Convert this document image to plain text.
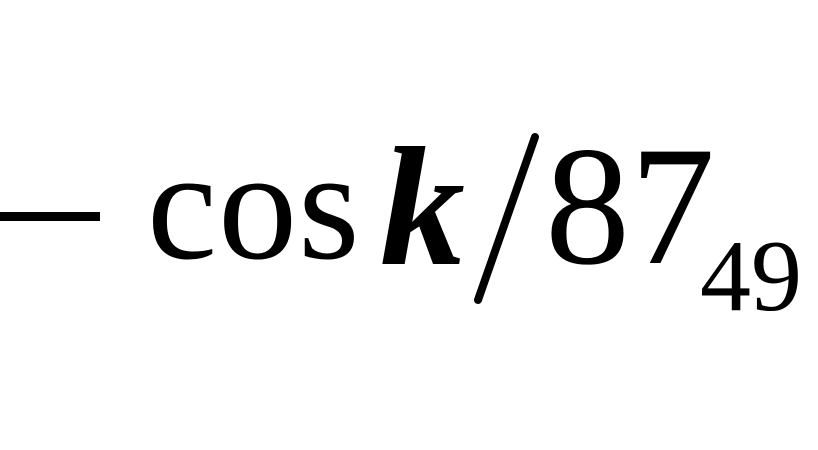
cos k 87
49
